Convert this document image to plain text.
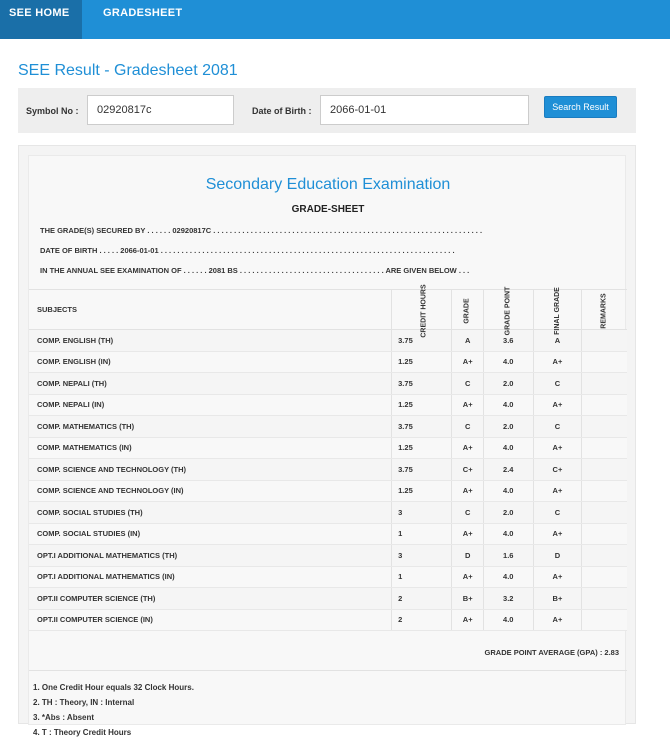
SEE HOME	GRADESHEET
SEE Result - Gradesheet 2081
Symbol No :
02920817c	Date of Birth :
2066-01-01	Search Result
Secondary Education Examination
GRADE-SHEET
THE GRADE(S) SECURED BY . . . . . . 02920817C . . . . . . . . . . . . . . . . . . . . . . . . . . . . . . . . . . . . . . . . . . . . . . . . . . . . . . . . . . . . . . . . .
DATE OF BIRTH . . . . . 2066-01-01 . . . . . . . . . . . . . . . . . . . . . . . . . . . . . . . . . . . . . . . . . . . . . . . . . . . . . . . . . . . . . . . . . . . . . . .
IN THE ANNUAL SEE EXAMINATION OF . . . . . . 2081 BS . . . . . . . . . . . . . . . . . . . . . . . . . . . . . . . . . . . ARE GIVEN BELOW . . .
SUBJECTS	CREDIT HOURS	GRADE	GRADE POINT	FINAL GRADE	REMARKS
COMP. ENGLISH (TH)	3.75	A	3.6	A	
COMP. ENGLISH (IN)	1.25	A+	4.0	A+	
COMP. NEPALI (TH)	3.75	C	2.0	C	
COMP. NEPALI (IN)	1.25	A+	4.0	A+	
COMP. MATHEMATICS (TH)	3.75	C	2.0	C	
COMP. MATHEMATICS (IN)	1.25	A+	4.0	A+	
COMP. SCIENCE AND TECHNOLOGY (TH)	3.75	C+	2.4	C+	
COMP. SCIENCE AND TECHNOLOGY (IN)	1.25	A+	4.0	A+	
COMP. SOCIAL STUDIES (TH)	3	C	2.0	C	
COMP. SOCIAL STUDIES (IN)	1	A+	4.0	A+	
OPT.I ADDITIONAL MATHEMATICS (TH)	3	D	1.6	D	
OPT.I ADDITIONAL MATHEMATICS (IN)	1	A+	4.0	A+	
OPT.II COMPUTER SCIENCE (TH)	2	B+	3.2	B+	
OPT.II COMPUTER SCIENCE (IN)	2	A+	4.0	A+	
GRADE POINT AVERAGE (GPA) : 2.83
1. One Credit Hour equals 32 Clock Hours.
2. TH : Theory, IN : Internal
3. *Abs : Absent
4. T : Theory Credit Hours
